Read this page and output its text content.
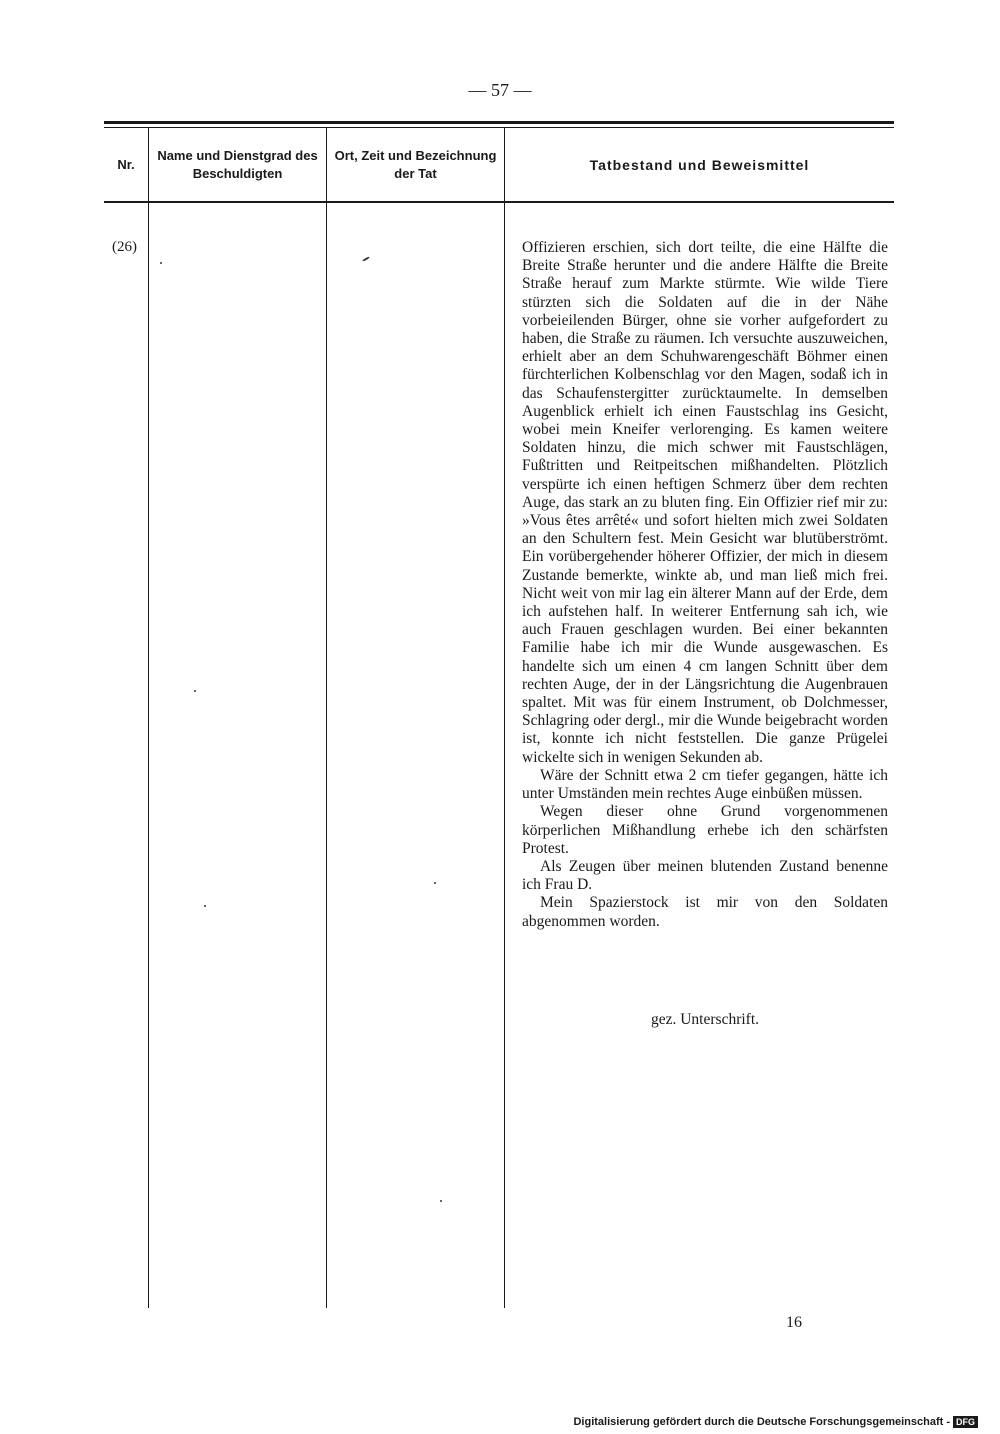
— 57 —
Nr.
Name und Dienstgrad des Beschuldigten
Ort, Zeit und Bezeichnung der Tat
Tatbestand und Beweismittel
(26)	Offizieren erschien, sich dort teilte, die eine Hälfte die Breite Straße herunter und die andere Hälfte die Breite Straße herauf zum Markte stürmte. Wie wilde Tiere stürzten sich die Soldaten auf die in der Nähe vorbeieilenden Bürger, ohne sie vorher aufgefordert zu haben, die Straße zu räumen. Ich versuchte auszuweichen, erhielt aber an dem Schuhwarengeschäft Böhmer einen fürchterlichen Kolbenschlag vor den Magen, sodaß ich in das Schaufenstergitter zurücktaumelte. In demselben Augenblick erhielt ich einen Faustschlag ins Gesicht, wobei mein Kneifer verlorenging. Es kamen weitere Soldaten hinzu, die mich schwer mit Faustschlägen, Fußtritten und Reitpeitschen mißhandelten. Plötzlich verspürte ich einen heftigen Schmerz über dem rechten Auge, das stark an zu bluten fing. Ein Offizier rief mir zu: »Vous êtes arrêté« und sofort hielten mich zwei Soldaten an den Schultern fest. Mein Gesicht war blutüberströmt. Ein vorübergehender höherer Offizier, der mich in diesem Zustande bemerkte, winkte ab, und man ließ mich frei. Nicht weit von mir lag ein älterer Mann auf der Erde, dem ich aufstehen half. In weiterer Entfernung sah ich, wie auch Frauen geschlagen wurden. Bei einer bekannten Familie habe ich mir die Wunde ausgewaschen. Es handelte sich um einen 4 cm langen Schnitt über dem rechten Auge, der in der Längsrichtung die Augenbrauen spaltet. Mit was für einem Instrument, ob Dolchmesser, Schlagring oder dergl., mir die Wunde beigebracht worden ist, konnte ich nicht feststellen. Die ganze Prügelei wickelte sich in wenigen Sekunden ab.

Wäre der Schnitt etwa 2 cm tiefer gegangen, hätte ich unter Umständen mein rechtes Auge einbüßen müssen.

Wegen dieser ohne Grund vorgenommenen körperlichen Mißhandlung erhebe ich den schärfsten Protest.

Als Zeugen über meinen blutenden Zustand benenne ich Frau D.

Mein Spazierstock ist mir von den Soldaten abgenommen worden.

gez. Unterschrift.
16
Digitalisierung gefördert durch die Deutsche Forschungsgemeinschaft - DFG
